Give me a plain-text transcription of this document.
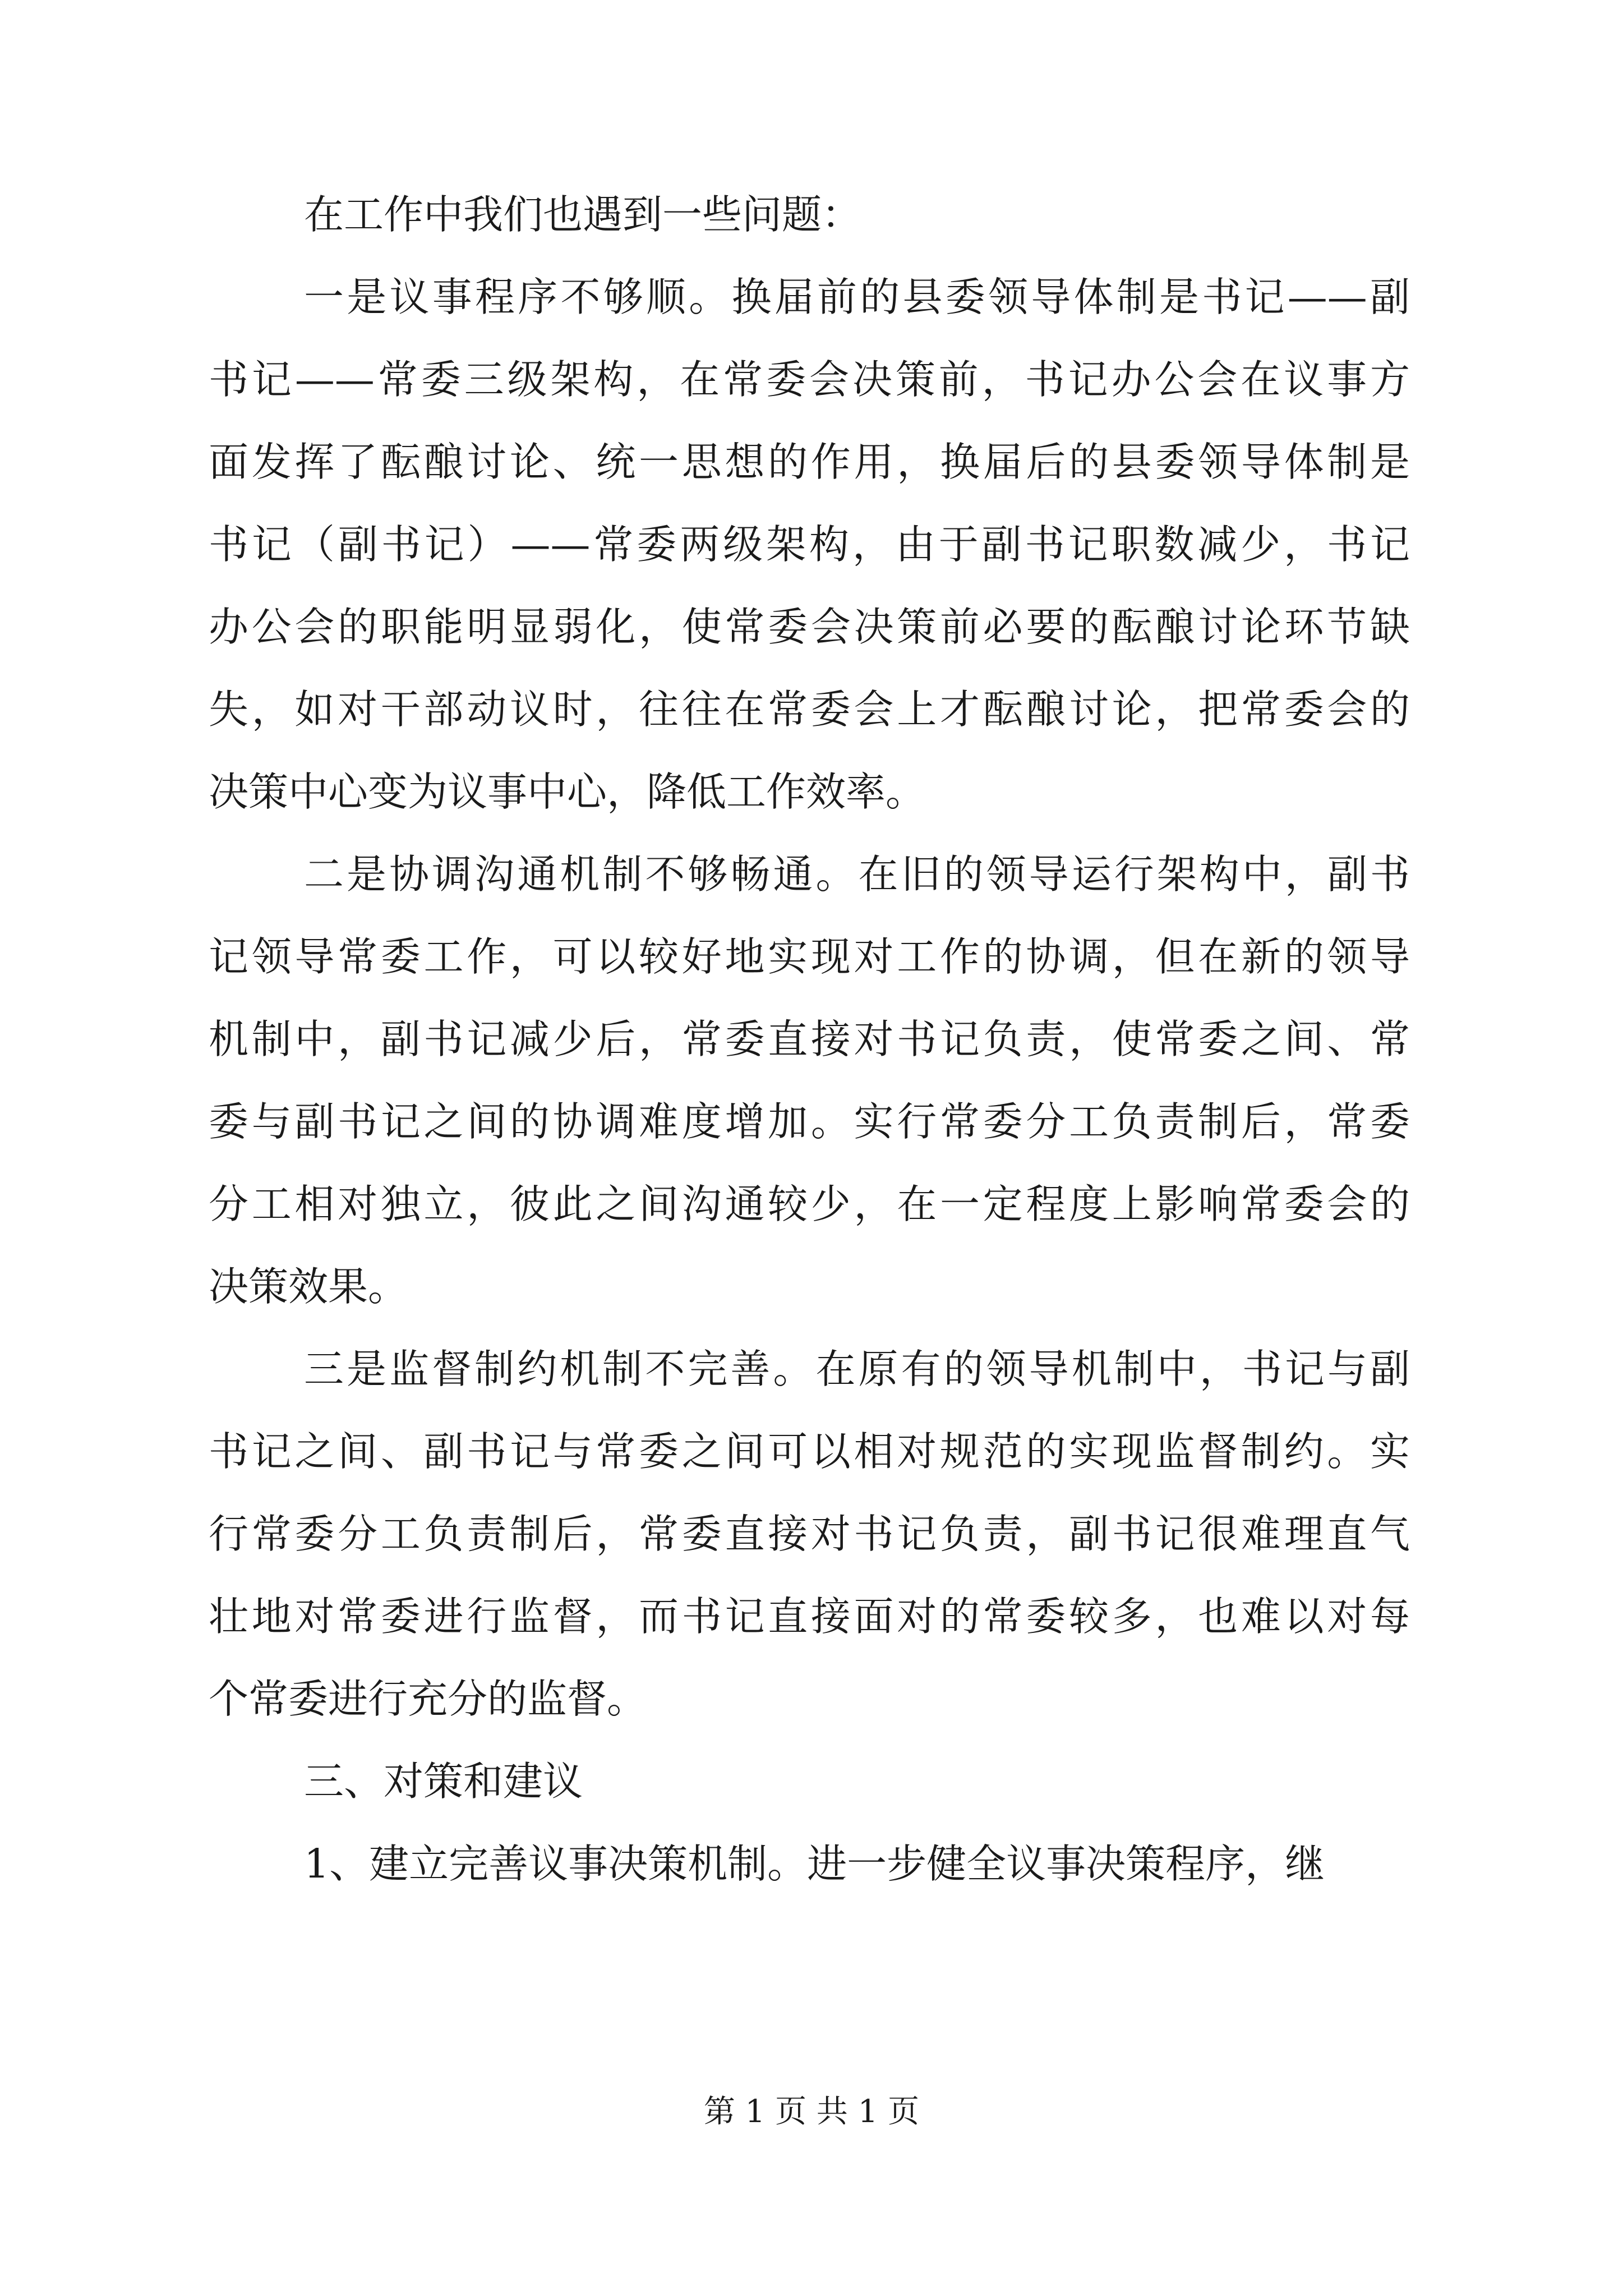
在工作中我们也遇到一些问题：
一是议事程序不够顺。换届前的县委领导体制是书记——副
书记——常委三级架构，在常委会决策前，书记办公会在议事方
面发挥了酝酿讨论、统一思想的作用，换届后的县委领导体制是
书记（副书记）——常委两级架构，由于副书记职数减少，书记
办公会的职能明显弱化，使常委会决策前必要的酝酿讨论环节缺
失，如对干部动议时，往往在常委会上才酝酿讨论，把常委会的
决策中心变为议事中心，降低工作效率。
二是协调沟通机制不够畅通。在旧的领导运行架构中，副书
记领导常委工作，可以较好地实现对工作的协调，但在新的领导
机制中，副书记减少后，常委直接对书记负责，使常委之间、常
委与副书记之间的协调难度增加。实行常委分工负责制后，常委
分工相对独立，彼此之间沟通较少，在一定程度上影响常委会的
决策效果。
三是监督制约机制不完善。在原有的领导机制中，书记与副
书记之间、副书记与常委之间可以相对规范的实现监督制约。实
行常委分工负责制后，常委直接对书记负责，副书记很难理直气
壮地对常委进行监督，而书记直接面对的常委较多，也难以对每
个常委进行充分的监督。
三、对策和建议
1、建立完善议事决策机制。进一步健全议事决策程序，继
第 1 页 共 1 页
